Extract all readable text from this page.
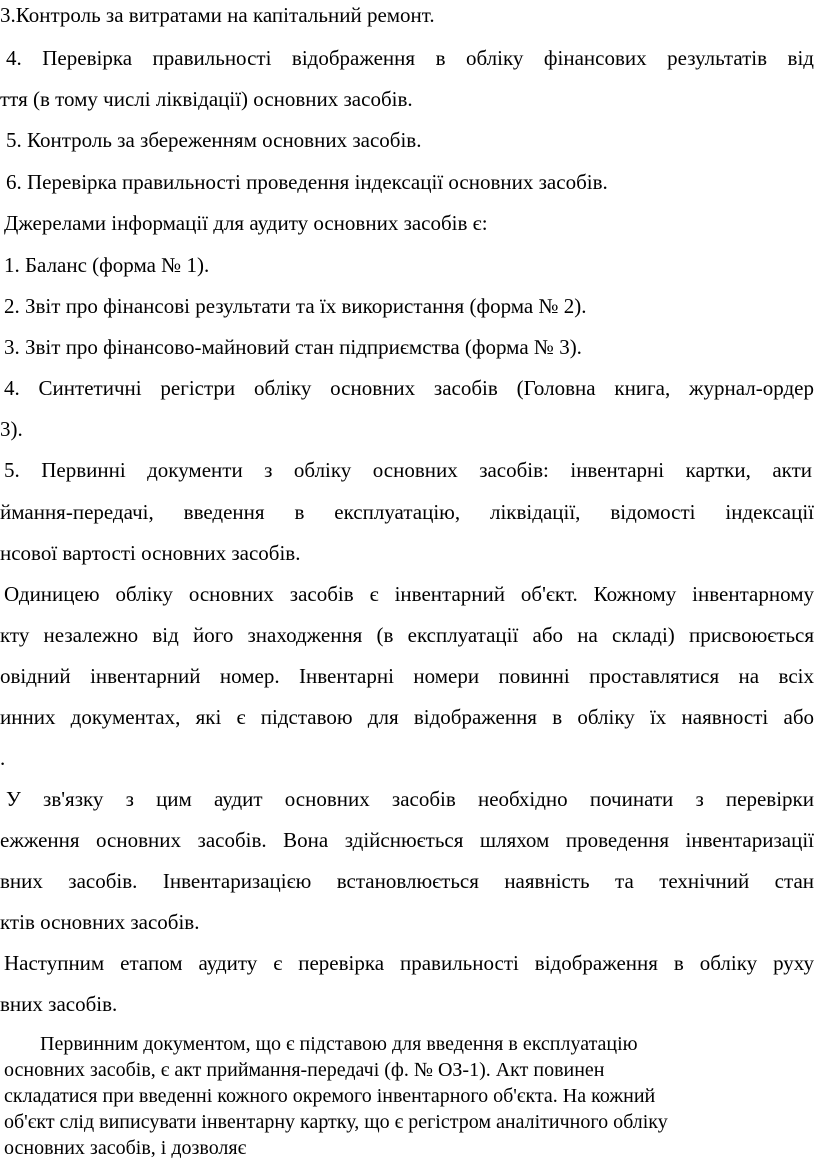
3.Контроль за витратами на капітальний ремонт.

4. Перевірка правильності відображення в обліку фінансових результатів від

ття (в тому числі ліквідації) основних засобів.

5. Контроль за збереженням основних засобів.

6. Перевірка правильності проведення індексації основних засобів.

Джерелами інформації для аудиту основних засобів є:

1. Баланс (форма № 1).

2. Звіт про фінансові результати та їх використання (форма № 2).

3. Звіт про фінансово-майновий стан підприємства (форма № 3).

4. Синтетичні регістри обліку основних засобів (Головна книга, журнал-ордер

3).

5. Первинні документи з обліку основних засобів: інвентарні картки, акти

ймання-передачі, введення в експлуатацію, ліквідації, відомості індексації

нсової вартості основних засобів.

Одиницею обліку основних засобів є інвентарний об'єкт. Кожному інвентарному

кту незалежно від його знаходження (в експлуатації або на складі) присвоюється

овідний інвентарний номер. Інвентарні номери повинні проставлятися на всіх

инних документах, які є підставою для відображення в обліку їх наявності або

.

У зв'язку з цим аудит основних засобів необхідно починати з перевірки

ежження основних засобів. Вона здійснюється шляхом проведення інвентаризації

вних засобів. Інвентаризацією встановлюється наявність та технічний стан

ктів основних засобів.

Наступним етапом аудиту є перевірка правильності відображення в обліку руху

вних засобів.

Первинним документом, що є підставою для введення в експлуатацію

основних засобів, є акт приймання-передачі (ф. № ОЗ-1). Акт повинен

складатися при введенні кожного окремого інвентарного об'єкта. На кожний

об'єкт слід виписувати інвентарну картку, що є регістром аналітичного обліку

основних засобів, і дозволяє
